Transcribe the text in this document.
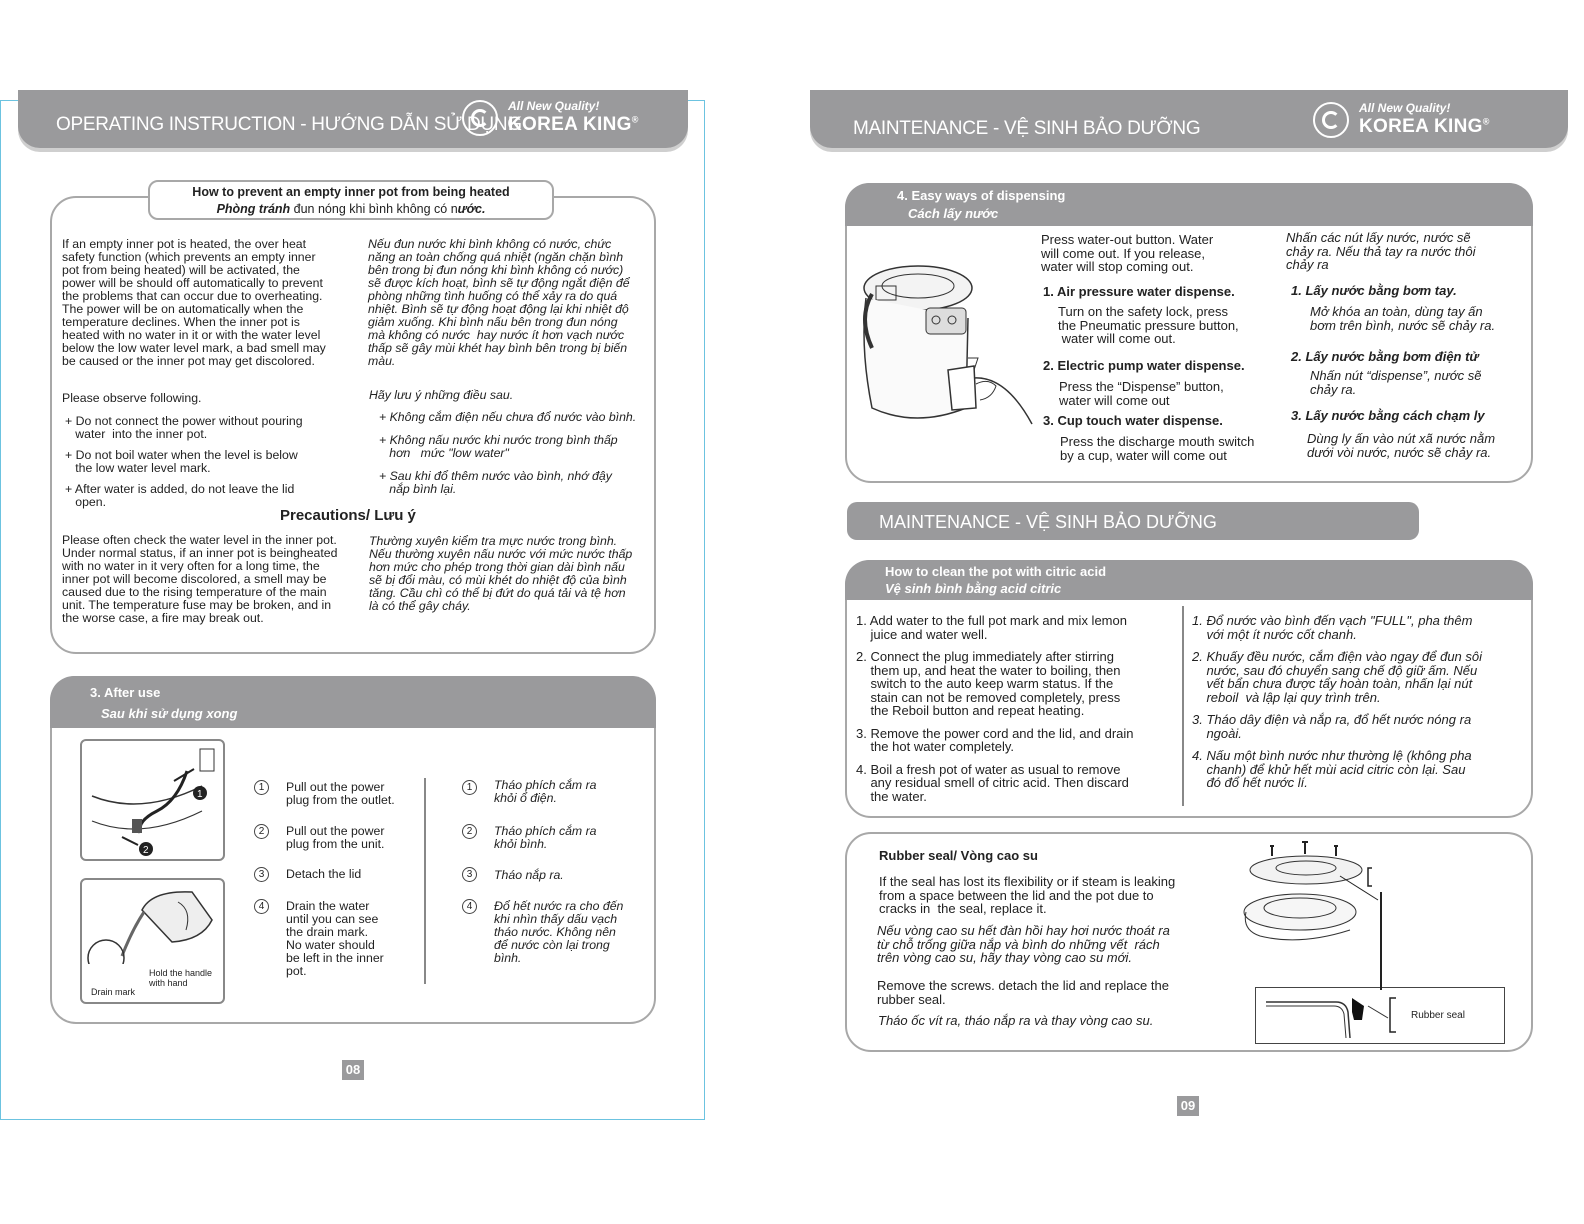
OPERATING INSTRUCTION - HƯỚNG DẪN SỬ DỤNG
All New Quality!
KOREA KING®
How to prevent an empty inner pot from being heated
Phòng tránh đun nóng khi bình không có nước.
If an empty inner pot is heated, the over heat
safety function (which prevents an empty inner
pot from being heated) will be activated, the
power will be should off automatically to prevent
the problems that can occur due to overheating.
The power will be on automatically when the
temperature declines. When the inner pot is
heated with no water in it or with the water level
below the low water level mark, a bad smell may
be caused or the inner pot may get discolored.
Nếu đun nước khi bình không có nước, chức
năng an toàn chống quá nhiệt (ngăn chặn bình
bên trong bị đun nóng khi bình không có nước)
sẽ được kích hoạt, bình sẽ tự động ngắt điện để
phòng những tình huống có thể xảy ra do quá
nhiệt. Bình sẽ tự động hoạt động lại khi nhiệt độ
giảm xuống. Khi bình nấu bên trong đun nóng
mà không có nước  hay nước ít hơn vạch nước
thấp sẽ gây mùi khét hay bình bên trong bị biến
màu.
Please observe following.	Hãy lưu ý những điều sau.
+ Do not connect the power without pouring
water  into the inner pot.
+ Do not boil water when the level is below
the low water level mark.
+ After water is added, do not leave the lid
open.
+ Không cắm điện nếu chưa đổ nước vào bình.
+ Không nấu nước khi nước trong bình thấp
hơn   mức "low water"
+ Sau khi đổ thêm nước vào bình, nhớ đậy
nắp bình lại.
Precautions/ Lưu ý
Please often check the water level in the inner pot.
Under normal status, if an inner pot is beingheated
with no water in it very often for a long time, the
inner pot will become discolored, a smell may be
caused due to the rising temperature of the main
unit. The temperature fuse may be broken, and in
the worse case, a fire may break out.
Thường xuyên kiểm tra mực nước trong bình.
Nếu thường xuyên nấu nước với mức nước thấp
hơn mức cho phép trong thời gian dài bình nấu
sẽ bị đổi màu, có mùi khét do nhiệt độ của bình
tăng. Cầu chì có thể bị đứt do quá tải và tệ hơn
là có thể gây cháy.
3. After use
Sau khi sử dụng xong
1
2
Hold the handle
with hand
Drain mark
1
2
3
4
1
2
3
4
Pull out the power
plug from the outlet.
Pull out the power
plug from the unit.
Detach the lid
Drain the water
until you can see
the drain mark.
No water should
be left in the inner
pot.
Tháo phích cắm ra
khỏi ổ điện.
Tháo phích cắm ra
khỏi bình.
Tháo nắp ra.
Đổ hết nước ra cho đến
khi nhìn thấy dấu vạch
tháo nước. Không nên
để nước còn lại trong
bình.
08
MAINTENANCE - VỆ SINH BẢO DƯỠNG
All New Quality!
KOREA KING®
4. Easy ways of dispensing
Cách lấy nước
Press water-out button. Water
will come out. If you release,
water will stop coming out.
Nhấn các nút lấy nước, nước sẽ
chảy ra. Nếu thả tay ra nước thôi
chảy ra
1. Air pressure water dispense.
Turn on the safety lock, press
the Pneumatic pressure button,
water will come out.
1. Lấy nước bằng bơm tay.
Mở khóa an toàn, dùng tay ấn
bơm trên bình, nước sẽ chảy ra.
2. Electric pump water dispense.
Press the “Dispense” button,
water will come out
2. Lấy nước bằng bơm điện tử
Nhấn nút “dispense”, nước sẽ
chảy ra.
3. Cup touch water dispense.
Press the discharge mouth switch
by a cup, water will come out
3. Lấy nước bằng cách chạm ly
Dùng ly ấn vào nút xã nước nằm
dưới vòi nước, nước sẽ chảy ra.
MAINTENANCE - VỆ SINH BẢO DƯỠNG
How to clean the pot with citric acid
Vệ sinh bình bằng acid citric
1. Add water to the full pot mark and mix lemon
juice and water well.
2. Connect the plug immediately after stirring
them up, and heat the water to boiling, then
switch to the auto keep warm status. If the
stain can not be removed completely, press
the Reboil button and repeat heating.
3. Remove the power cord and the lid, and drain
the hot water completely.
4. Boil a fresh pot of water as usual to remove
any residual smell of citric acid. Then discard
the water.
1. Đổ nước vào bình đến vạch "FULL", pha thêm
với một ít nước cốt chanh.
2. Khuấy đều nước, cắm điện vào ngay để đun sôi
nước, sau đó chuyển sang chế độ giữ ấm. Nếu
vết bẩn chưa được tẩy hoàn toàn, nhấn lại nút
reboil  và lập lại quy trình trên.
3. Tháo dây điện và nắp ra, đổ hết nước nóng ra
ngoài.
4. Nấu một bình nước như thường lệ (không pha
chanh) để khử hết mùi acid citric còn lại. Sau
đó đổ hết nước lí.
Rubber seal/ Vòng cao su
If the seal has lost its flexibility or if steam is leaking
from a space between the lid and the pot due to
cracks in  the seal, replace it.
Nếu vòng cao su hết đàn hồi hay hơi nước thoát ra
từ chỗ trống giữa nắp và bình do những vết  rách
trên vòng cao su, hãy thay vòng cao su mới.
Remove the screws. detach the lid and replace the
rubber seal.
Tháo ốc vít ra, tháo nắp ra và thay vòng cao su.	Rubber seal
09
